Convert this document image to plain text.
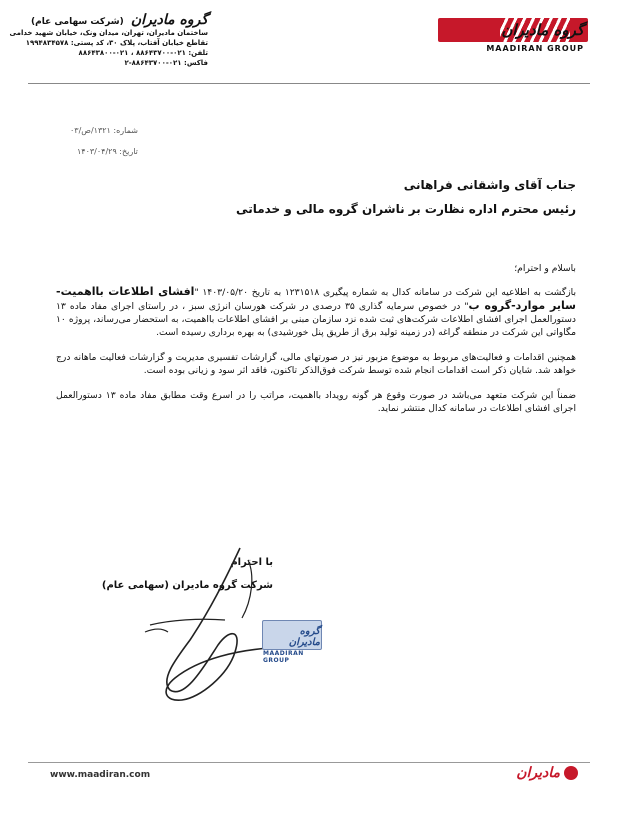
گروه مادیران
MAADIRAN GROUP
گروه مادیران (شرکت سهامی عام)
ساختمان مادیران، تهران، میدان ونک، خیابان شهید خدامی
تقاطع خیابان آفتاب، پلاک ۳۰، کد پستی: ۱۹۹۴۸۳۴۵۷۸
تلفن: ۰۲۱-۸۸۶۴۳۷۰۰ ، ۰۲۱-۸۸۶۴۳۸۰۰
فاکس: ۰۲۱-۸۸۶۴۳۷۰۰-۲
شماره: ۱۳۲۱/ص/۰۳
تاریخ: ۱۴۰۳/۰۴/۲۹
جناب آقای واشقانی فراهانی
رئیس محترم اداره نظارت بر ناشران گروه مالی و خدماتی

باسلام و احترام؛

بازگشت به اطلاعیه این شرکت در سامانه کدال به شماره پیگیری ۱۲۳۱۵۱۸ به تاریخ ۱۴۰۳/۰۵/۲۰ "افشای اطلاعات بااهمیت-سایر موارد-گروه ب" در خصوص سرمایه گذاری ۳۵ درصدی در شرکت هورسان انرژی سبز ، در راستای اجرای مفاد ماده ۱۳ دستورالعمل اجرای افشای اطلاعات شرکت‌های ثبت شده نزد سازمان مبنی بر افشای اطلاعات بااهمیت، به استحضار می‌رساند، پروژه ۱۰ مگاواتی این شرکت در منطقه گراغه (در زمینه تولید برق از طریق پنل خورشیدی) به بهره برداری رسیده است.

همچنین اقدامات و فعالیت‌های مربوط به موضوع مزبور نیز در صورتهای مالی، گزارشات تفسیری مدیریت و گزارشات فعالیت ماهانه درج خواهد شد. شایان ذکر است اقدامات انجام شده توسط شرکت فوق‌الذکر تاکنون، فاقد اثر سود و زیانی بوده است.

ضمناً این شرکت متعهد می‌باشد در صورت وقوع هر گونه رویداد بااهمیت، مراتب را در اسرع وقت مطابق مفاد ماده ۱۳ دستورالعمل اجرای افشای اطلاعات در سامانه کدال منتشر نماید.

با احترام
شرکت گروه مادیران (سهامی عام)
گروه مادیران
MAADIRAN GROUP
www.maadiran.com	مادیران
